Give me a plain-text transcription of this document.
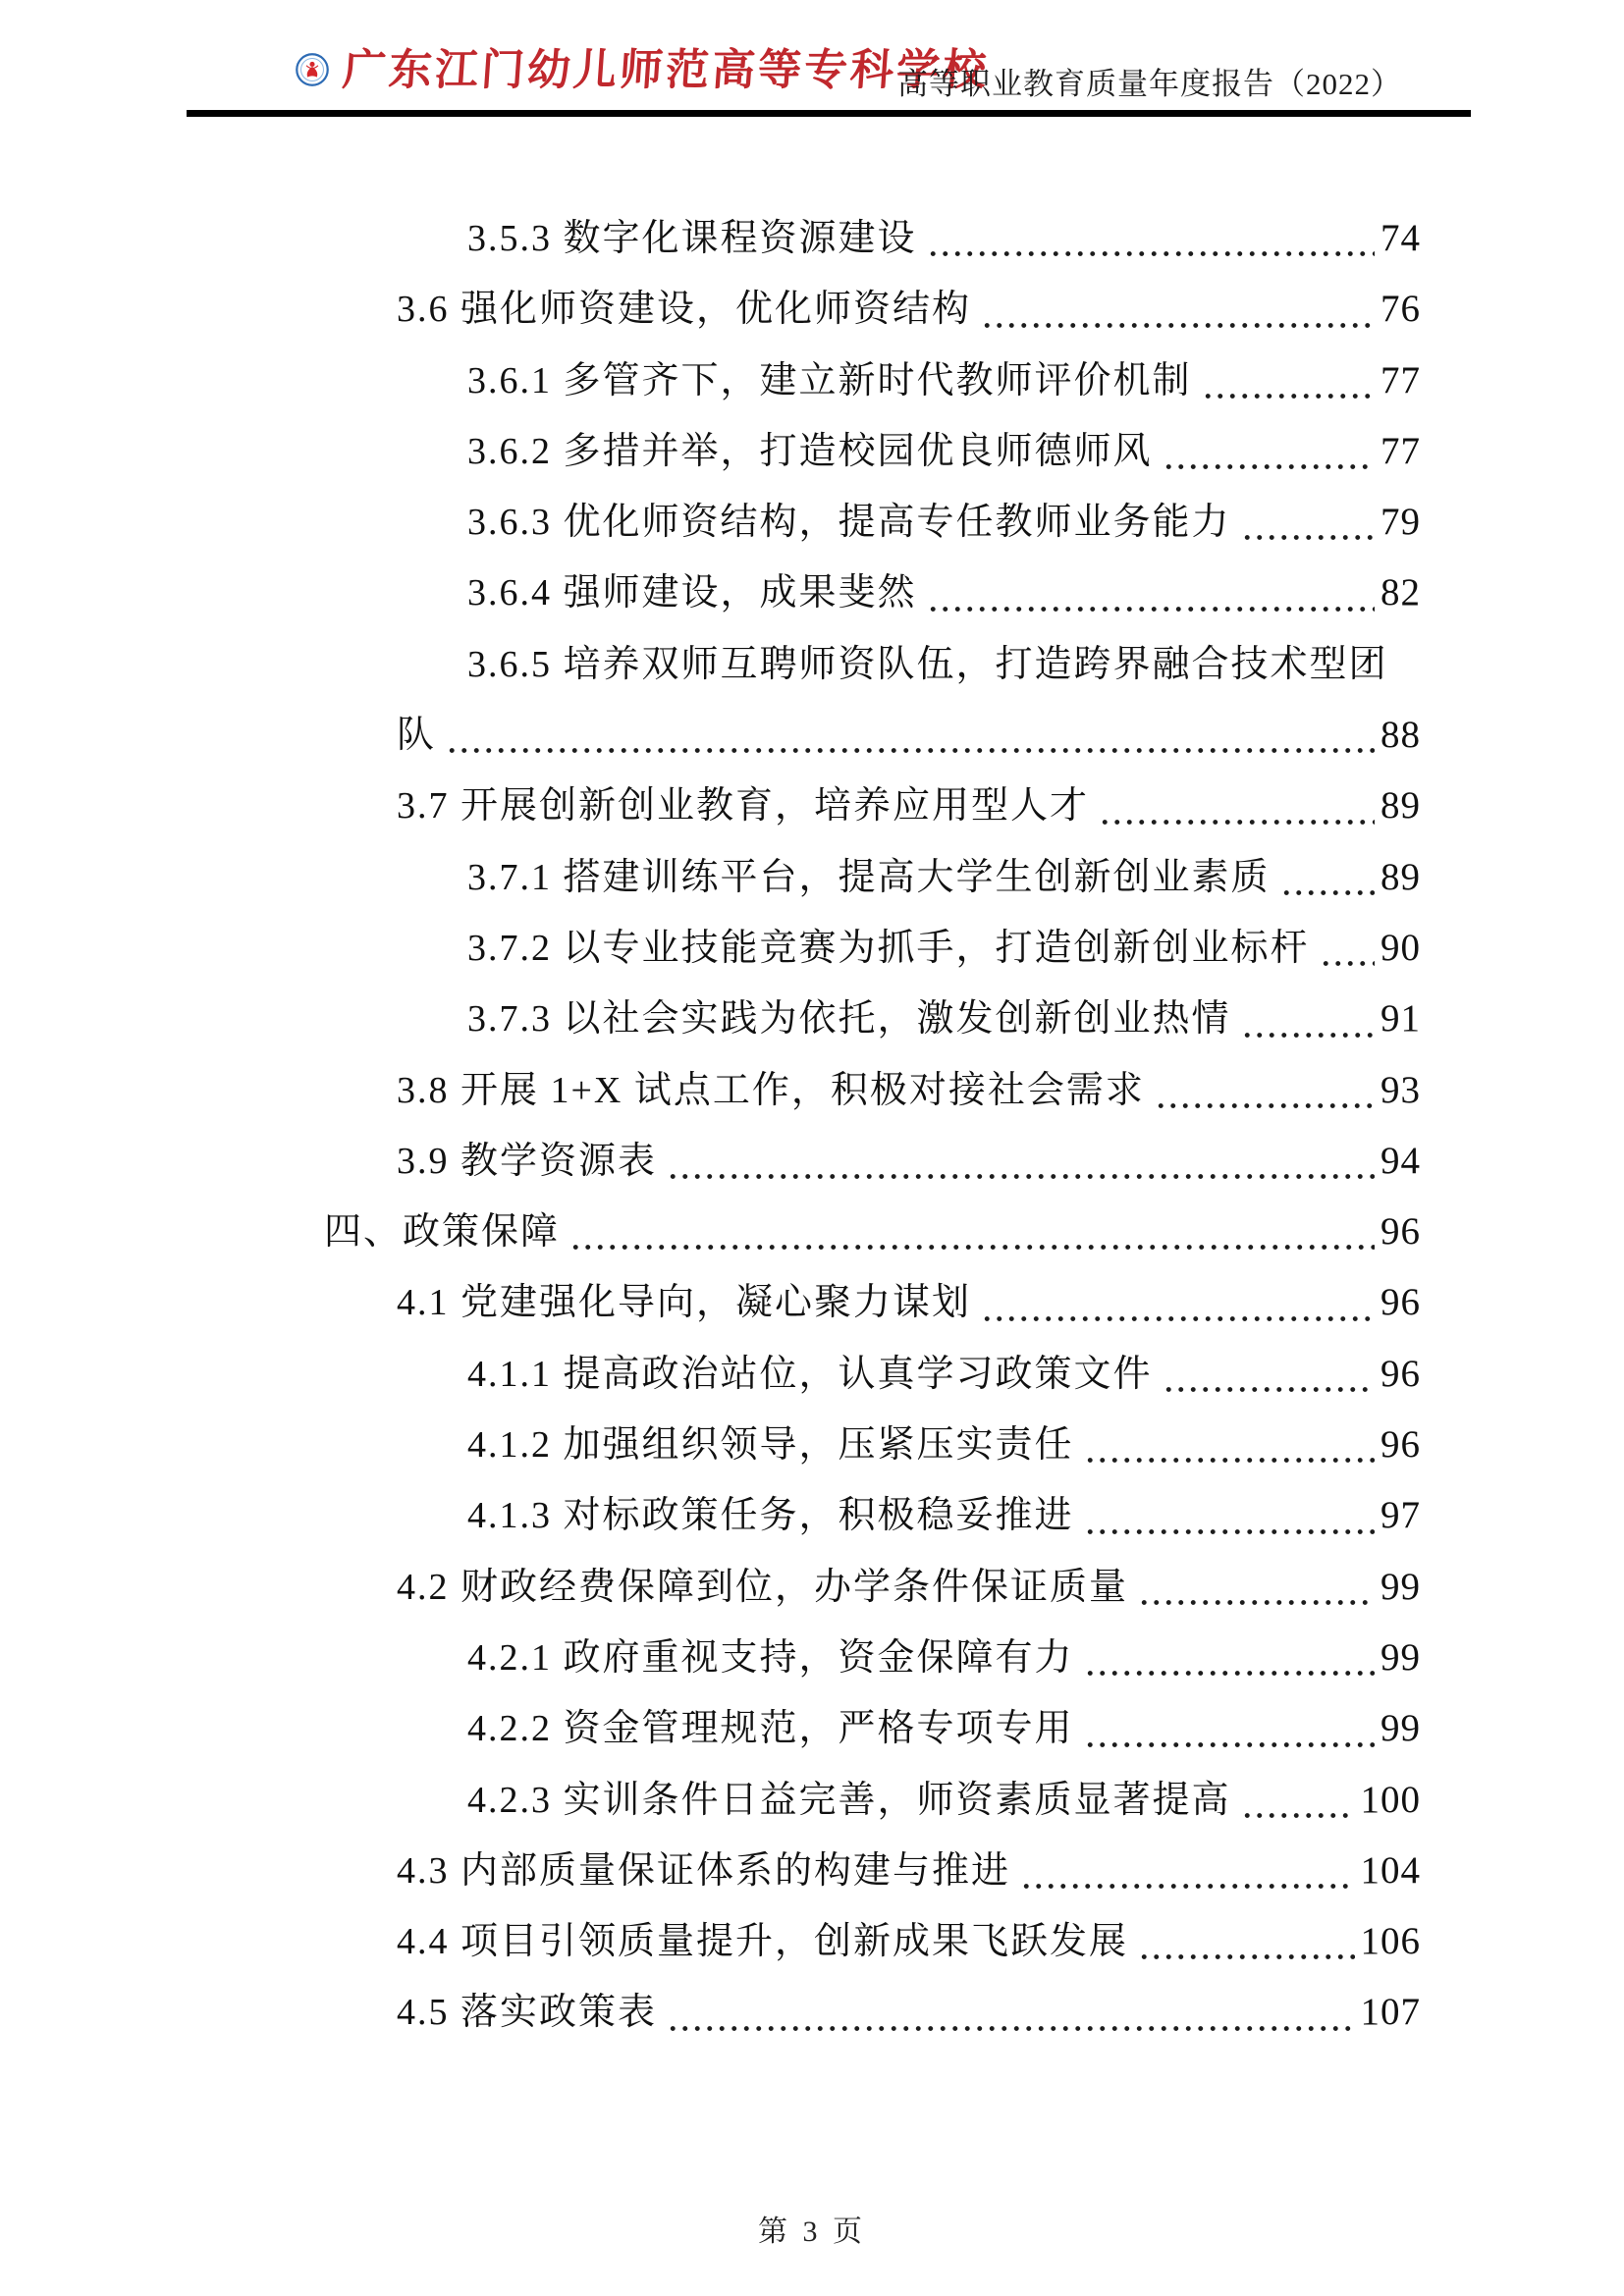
广东江门幼儿师范高等专科学校
高等职业教育质量年度报告（2022）
3.5.3 数字化课程资源建设	74
3.6 强化师资建设，优化师资结构	76
3.6.1 多管齐下，建立新时代教师评价机制	77
3.6.2 多措并举，打造校园优良师德师风	77
3.6.3 优化师资结构，提高专任教师业务能力	79
3.6.4 强师建设，成果斐然	82
3.6.5 培养双师互聘师资队伍，打造跨界融合技术型团
队	88
3.7 开展创新创业教育，培养应用型人才	89
3.7.1 搭建训练平台，提高大学生创新创业素质	89
3.7.2 以专业技能竞赛为抓手，打造创新创业标杆 90
3.7.3 以社会实践为依托，激发创新创业热情	91
3.8 开展 1+X 试点工作，积极对接社会需求	93
3.9 教学资源表	94
四、政策保障	96
4.1 党建强化导向，凝心聚力谋划	96
4.1.1 提高政治站位，认真学习政策文件	96
4.1.2 加强组织领导，压紧压实责任	96
4.1.3 对标政策任务，积极稳妥推进	97
4.2 财政经费保障到位，办学条件保证质量	99
4.2.1 政府重视支持，资金保障有力	99
4.2.2 资金管理规范，严格专项专用	99
4.2.3 实训条件日益完善，师资素质显著提高	100
4.3 内部质量保证体系的构建与推进	104
4.4 项目引领质量提升，创新成果飞跃发展	106
4.5 落实政策表	107
第 3 页
